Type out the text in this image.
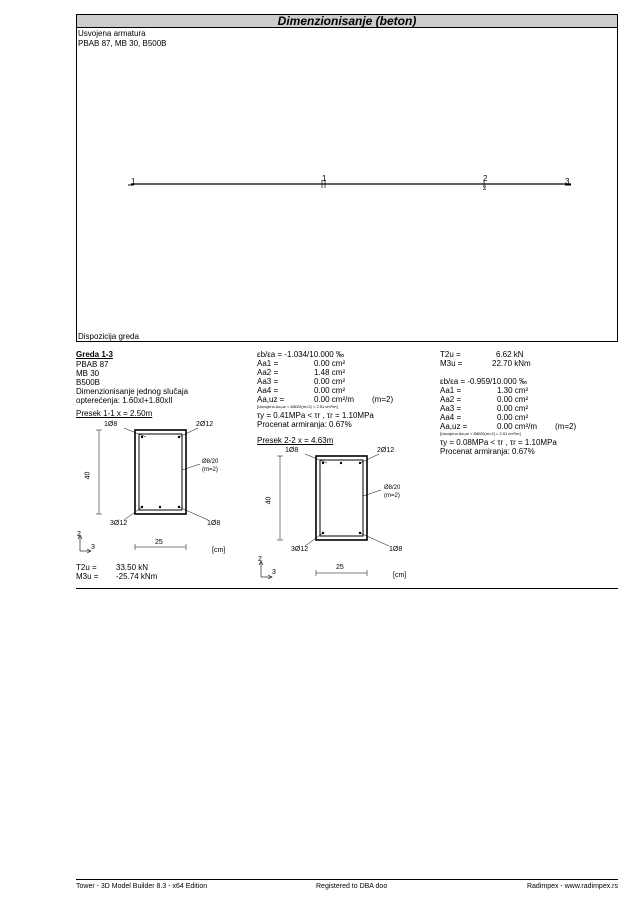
Dimenzionisanje (beton)
Usvojena armatura
PBAB 87, MB 30, B500B
Dispozicija greda
1	1	2	3
2
Greda 1-3
PBAB 87
MB 30
B500B
Dimenzionisanje jednog slučaja
opterećenja: 1.60xI+1.80xII
Presek 1-1 x = 2.50m
1Ø8	2Ø12
Ø8/20
(m=2)
3Ø12	1Ø8
40
25
[cm]
2
3
T2u = 33.50 kN
M3u = -25.74 kNm
εb/εa = -1.034/10.000 ‰
Aa1 =	0.00 cm²
Aa2 =	1.48 cm²
Aa3 =	0.00 cm²
Aa4 =	0.00 cm²
Aa,uz =	0.00 cm²/m (m=2)
[Usvojeno Aa,uz = Ø8/20(m=2) = 2.51 cm²/m]
τy = 0.41MPa < τr , τr = 1.10MPa
Procenat armiranja: 0.67%
Presek 2-2 x = 4.63m
1Ø8	2Ø12
Ø8/20
(m=2)
3Ø12	1Ø8
40
25
[cm]
2
3
T2u =	6.62 kN
M3u =	22.70 kNm
εb/εa = -0.959/10.000 ‰
Aa1 =	1.30 cm²
Aa2 =	0.00 cm²
Aa3 =	0.00 cm²
Aa4 =	0.00 cm²
Aa,uz =	0.00 cm²/m (m=2)
[Usvojeno Aa,uz = Ø8/20(m=2) = 2.51 cm²/m]
τy = 0.08MPa < τr , τr = 1.10MPa
Procenat armiranja: 0.67%
Tower - 3D Model Builder 8.3 - x64 Edition	Registered to DBA doo	Radimpex - www.radimpex.rs
